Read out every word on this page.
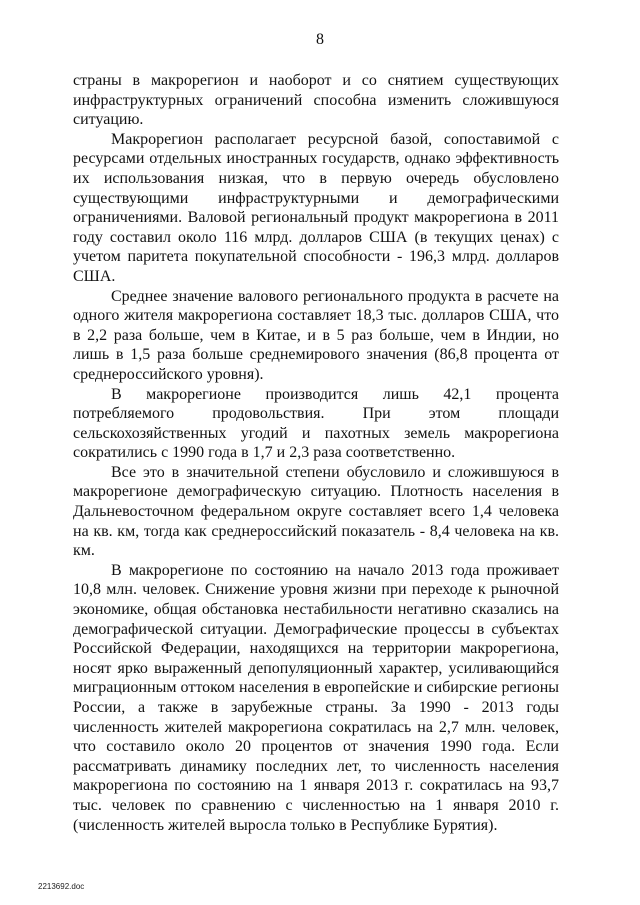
8

страны в макрорегион и наоборот и со снятием существующих инфраструктурных ограничений способна изменить сложившуюся ситуацию.

Макрорегион располагает ресурсной базой, сопоставимой с ресурсами отдельных иностранных государств, однако эффективность их использования низкая, что в первую очередь обусловлено существующими инфраструктурными и демографическими ограничениями. Валовой региональный продукт макрорегиона в 2011 году составил около 116 млрд. долларов США (в текущих ценах) с учетом паритета покупательной способности - 196,3 млрд. долларов США.

Среднее значение валового регионального продукта в расчете на одного жителя макрорегиона составляет 18,3 тыс. долларов США, что в 2,2 раза больше, чем в Китае, и в 5 раз больше, чем в Индии, но лишь в 1,5 раза больше среднемирового значения (86,8 процента от среднероссийского уровня).

В макрорегионе производится лишь 42,1 процента потребляемого продовольствия. При этом площади сельскохозяйственных угодий и пахотных земель макрорегиона сократились с 1990 года в 1,7 и 2,3 раза соответственно.

Все это в значительной степени обусловило и сложившуюся в макрорегионе демографическую ситуацию. Плотность населения в Дальневосточном федеральном округе составляет всего 1,4 человека на кв. км, тогда как среднероссийский показатель - 8,4 человека на кв. км.

В макрорегионе по состоянию на начало 2013 года проживает 10,8 млн. человек. Снижение уровня жизни при переходе к рыночной экономике, общая обстановка нестабильности негативно сказались на демографической ситуации. Демографические процессы в субъектах Российской Федерации, находящихся на территории макрорегиона, носят ярко выраженный депопуляционный характер, усиливающийся миграционным оттоком населения в европейские и сибирские регионы России, а также в зарубежные страны. За 1990 - 2013 годы численность жителей макрорегиона сократилась на 2,7 млн. человек, что составило около 20 процентов от значения 1990 года. Если рассматривать динамику последних лет, то численность населения макрорегиона по состоянию на 1 января 2013 г. сократилась на 93,7 тыс. человек по сравнению с численностью на 1 января 2010 г. (численность жителей выросла только в Республике Бурятия).

2213692.doc
